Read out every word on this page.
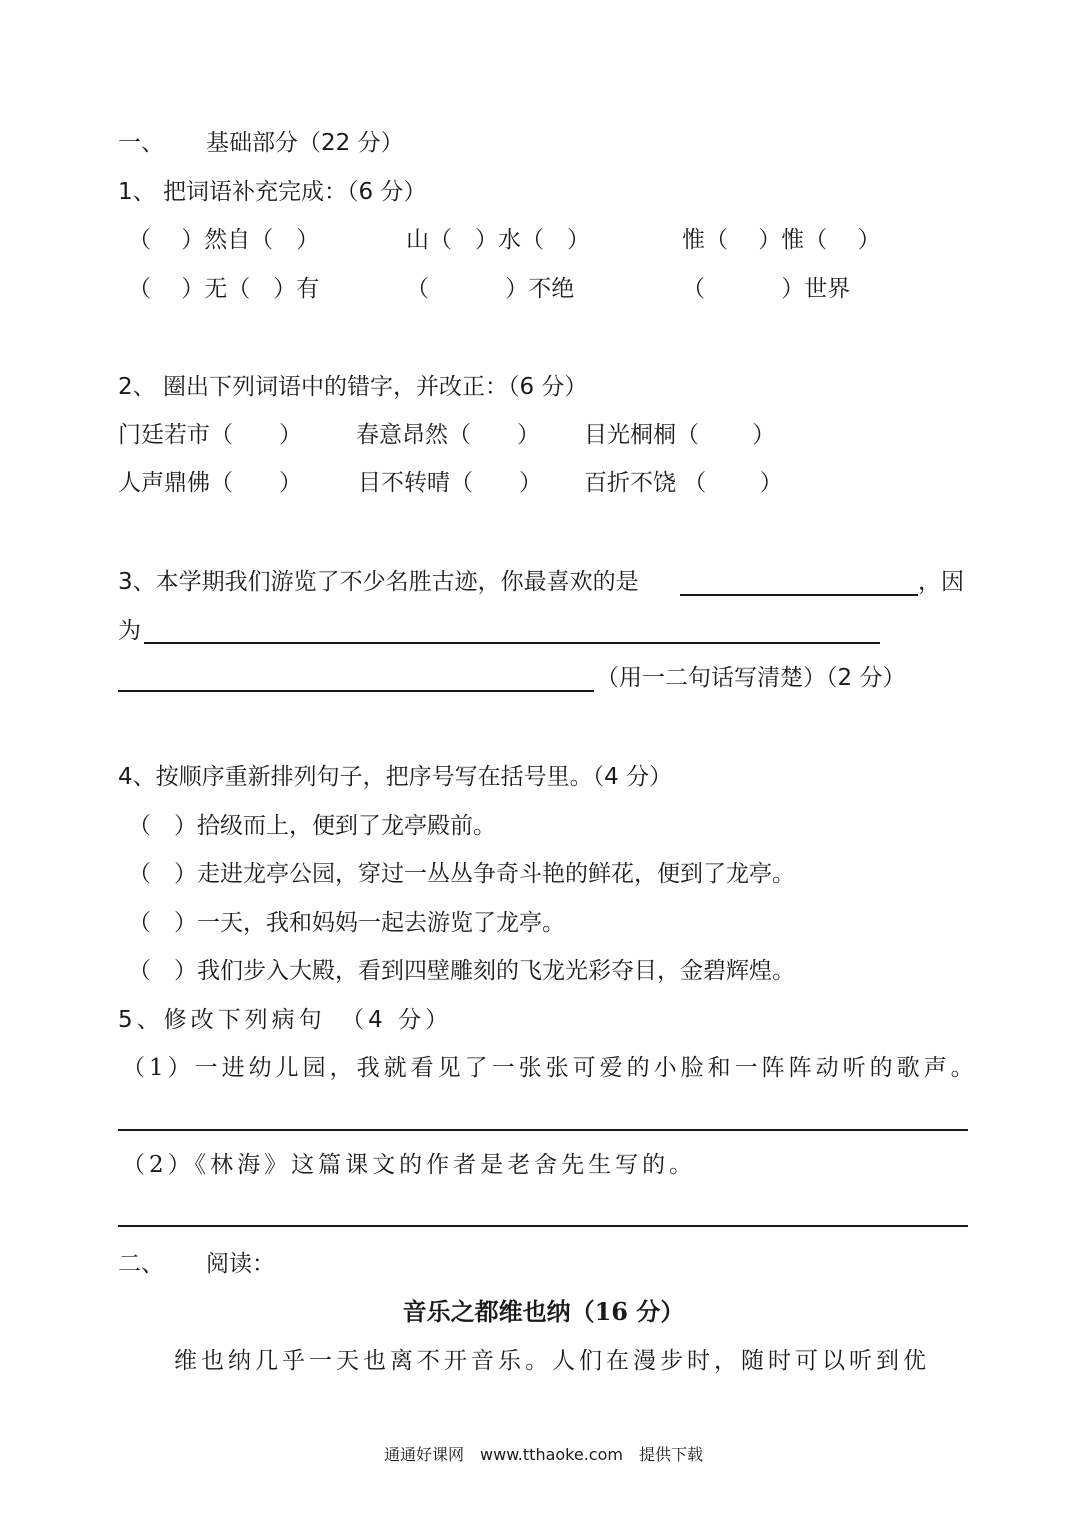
一、 基础部分（22 分）
1、 把词语补充完成：（6 分）
（　 ）然自（　）	山（　）水（　）	惟（　 ）惟（　 ）
（　 ）无（　）有	（　　　 ）不绝	（　　　 ）世界
2、 圈出下列词语中的错字，并改正：（6 分）
门廷若市（　　） 春意昂然（　　） 目光桐桐（　　 ）
人声鼎佛（　　） 目不转晴（　　） 百折不饶 （　　 ）
3、本学期我们游览了不少名胜古迹，你最喜欢的是	，因
为
（用一二句话写清楚）（2 分）
4、按顺序重新排列句子，把序号写在括号里。（4 分）
（　）拾级而上，便到了龙亭殿前。
（　）走进龙亭公园，穿过一丛丛争奇斗艳的鲜花，便到了龙亭。
（　）一天，我和妈妈一起去游览了龙亭。
（　）我们步入大殿，看到四壁雕刻的飞龙光彩夺目，金碧辉煌。
5、修改下列病句　（4 分）
（1）一进幼儿园，我就看见了一张张可爱的小脸和一阵阵动听的歌声。
（2）《林海》这篇课文的作者是老舍先生写的。
二、 阅读：
音乐之都维也纳（16 分）
维也纳几乎一天也离不开音乐。人们在漫步时，随时可以听到优
通通好课网　www.tthaoke.com　提供下载
